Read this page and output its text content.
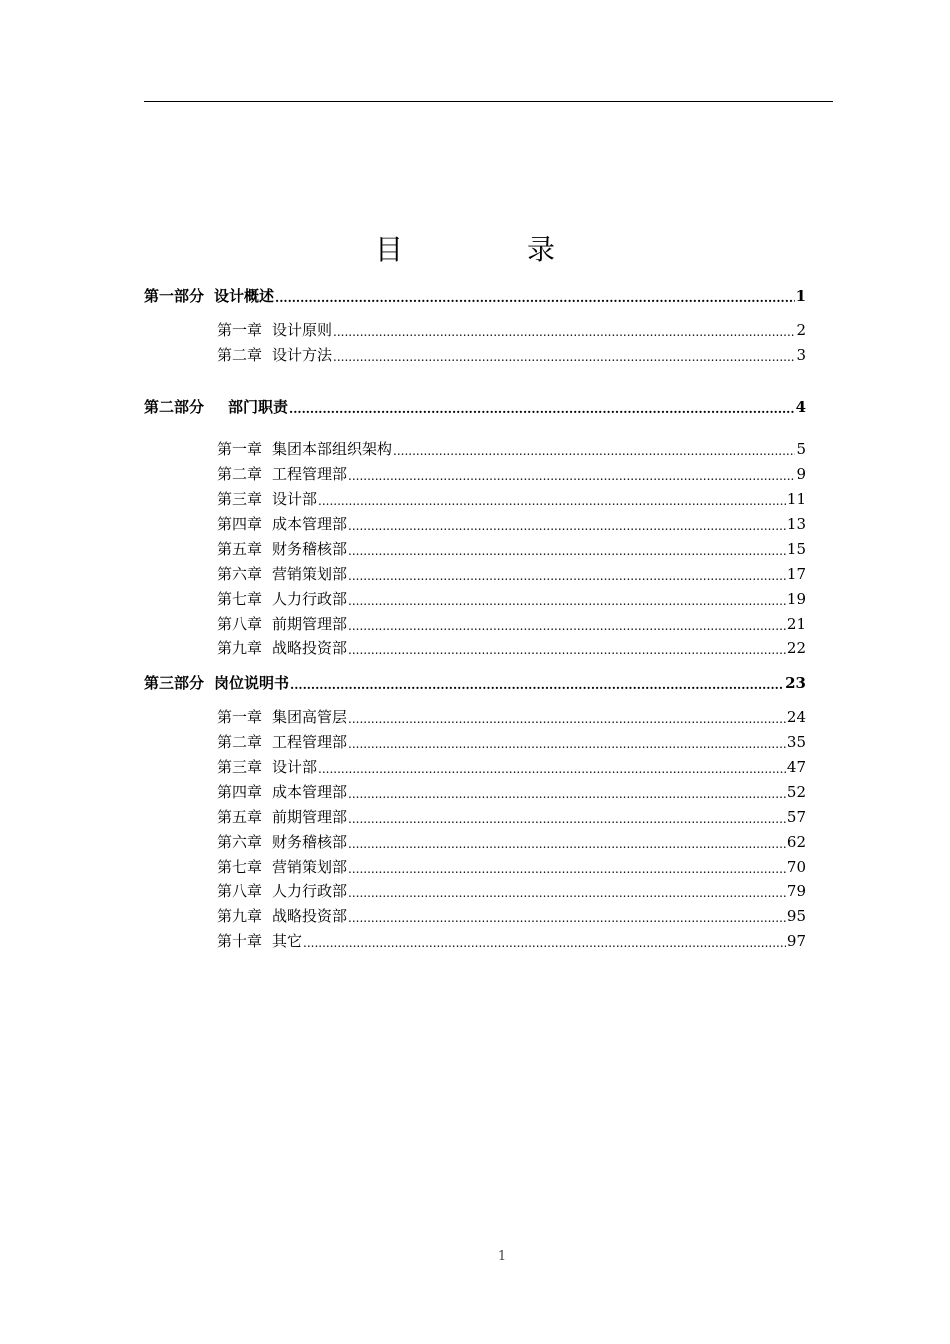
目　录
第一部分 设计概述 .....	1
第一章 设计原则 .....	2
第二章 设计方法 .....	3
第二部分 部门职责 .....	4
第一章 集团本部组织架构 .....	5
第二章 工程管理部 .....	9
第三章 设计部 .....	11
第四章 成本管理部 .....	13
第五章 财务稽核部 .....	15
第六章 营销策划部 .....	17
第七章 人力行政部 .....	19
第八章 前期管理部 .....	21
第九章 战略投资部 .....	22
第三部分 岗位说明书 .....	23
第一章 集团高管层 .....	24
第二章 工程管理部 .....	35
第三章 设计部 .....	47
第四章 成本管理部 .....	52
第五章 前期管理部 .....	57
第六章 财务稽核部 .....	62
第七章 营销策划部 .....	70
第八章 人力行政部 .....	79
第九章 战略投资部 .....	95
第十章 其它 .....	97
1
